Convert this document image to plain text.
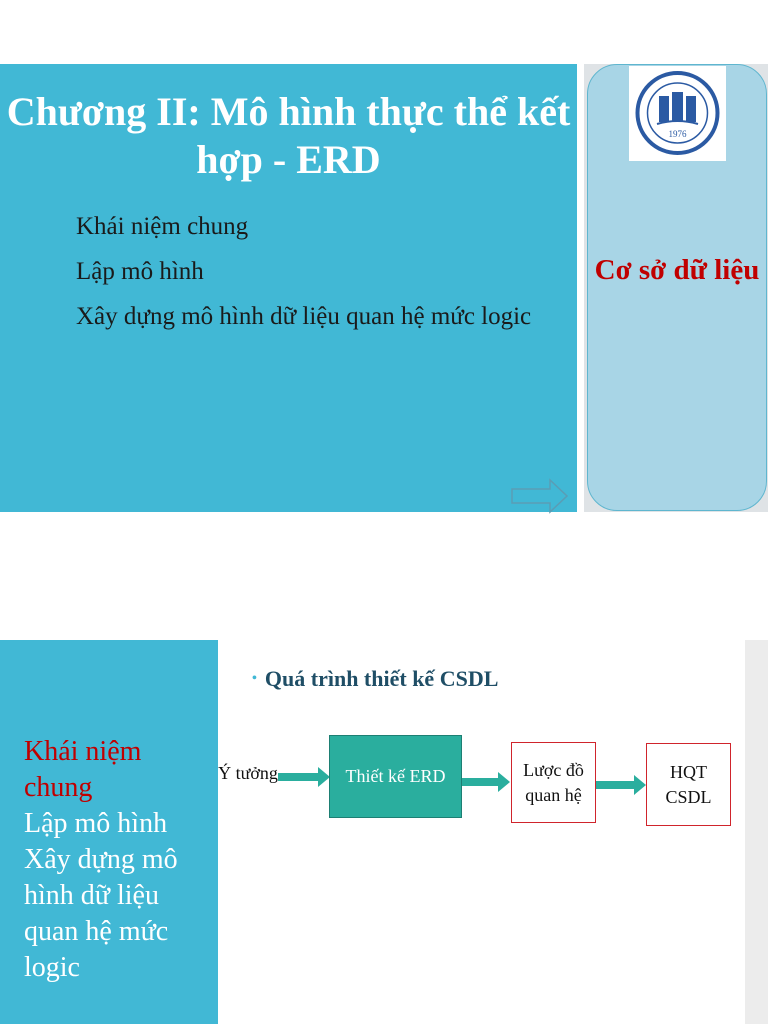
Chương II: Mô hình thực thể kết hợp - ERD
Khái niệm chung
Lập mô hình
Xây dựng mô hình dữ liệu quan hệ mức logic
1976

Cơ sở dữ liệu

Khái niệm chung
Lập mô hình
Xây dựng mô hình dữ liệu quan hệ mức logic

• Quá trình thiết kế CSDL

Ý tưởng	Thiết kế ERD	Lược đồ quan hệ
HQT CSDL
